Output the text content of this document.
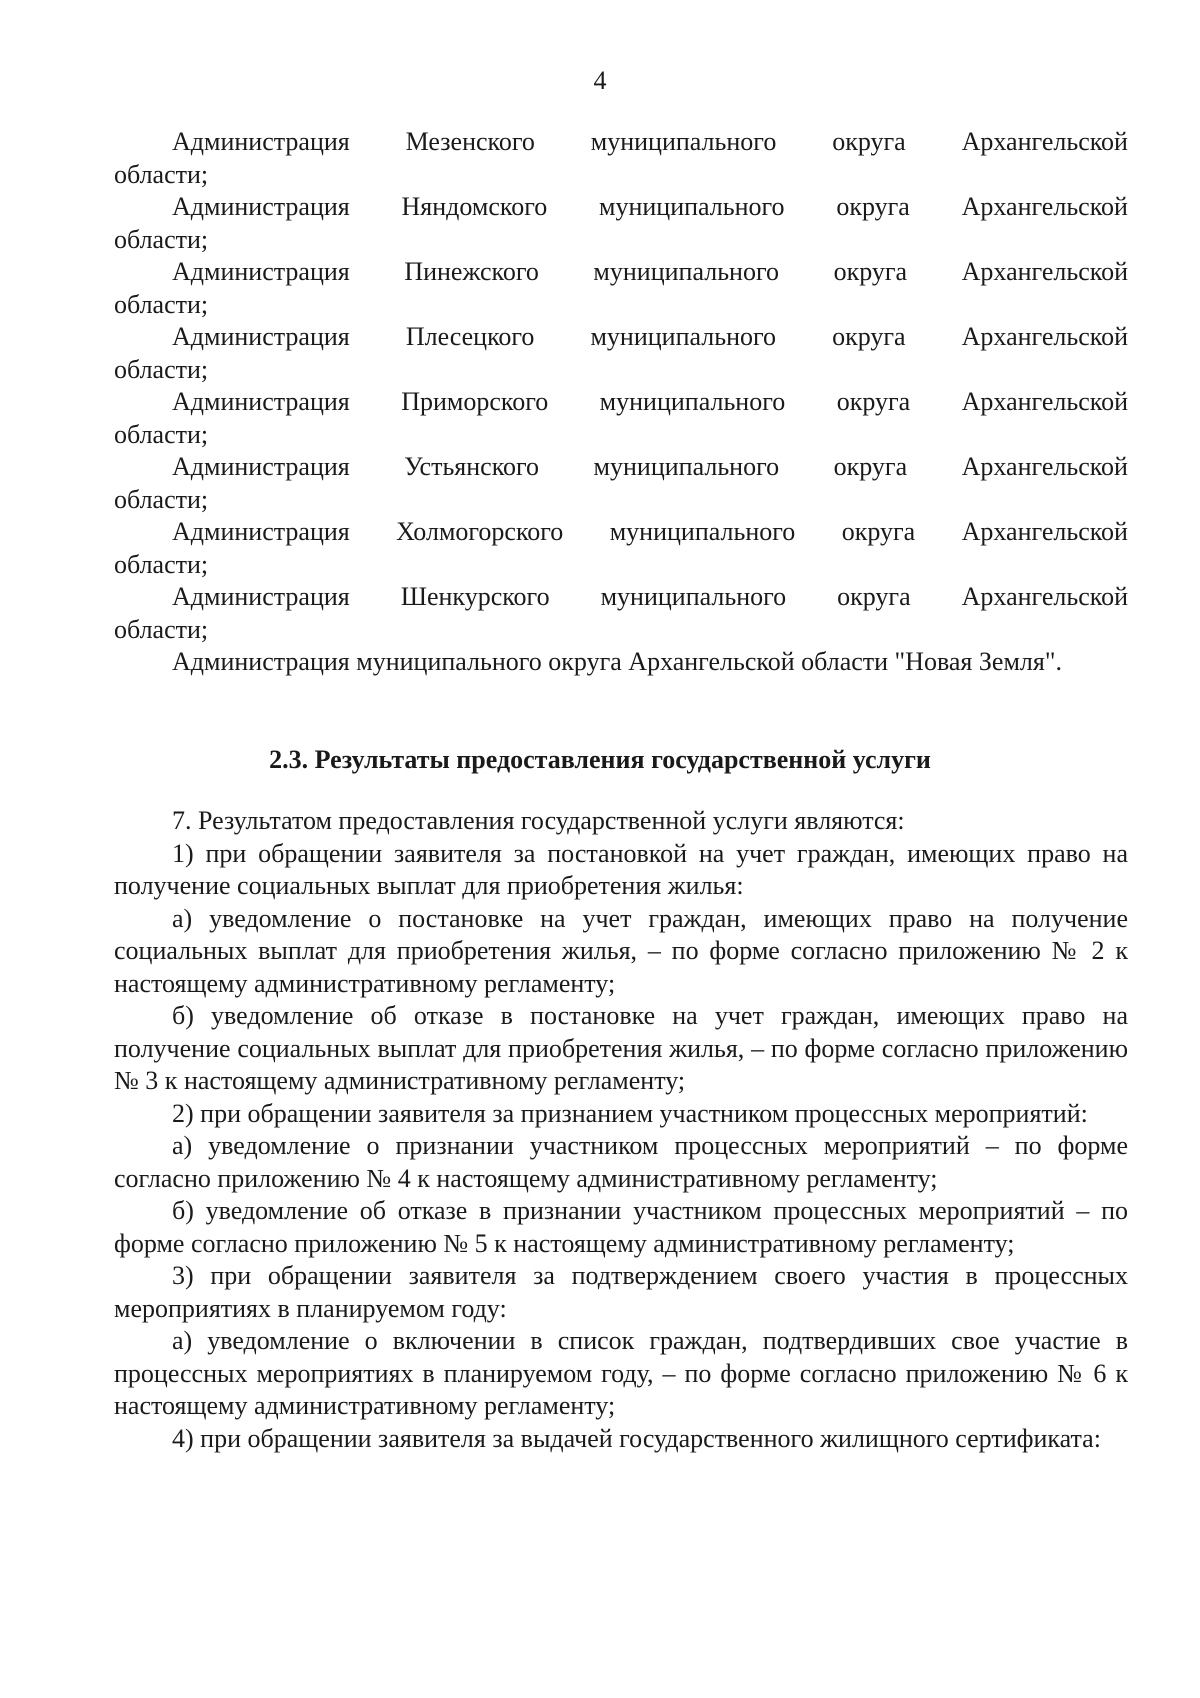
4
Администрация Мезенского муниципального округа Архангельской

области;

Администрация Няндомского муниципального округа Архангельской

области;

Администрация Пинежского муниципального округа Архангельской

области;

Администрация Плесецкого муниципального округа Архангельской

области;

Администрация Приморского муниципального округа Архангельской

области;

Администрация Устьянского муниципального округа Архангельской

области;

Администрация Холмогорского муниципального округа Архангельской

области;

Администрация Шенкурского муниципального округа Архангельской

области;

Администрация муниципального округа Архангельской области "Новая Земля".

2.3. Результаты предоставления государственной услуги

7. Результатом предоставления государственной услуги являются:

1) при обращении заявителя за постановкой на учет граждан, имеющих право на получение социальных выплат для приобретения жилья:

а) уведомление о постановке на учет граждан, имеющих право на получение социальных выплат для приобретения жилья, – по форме согласно приложению № 2 к настоящему административному регламенту;

б) уведомление об отказе в постановке на учет граждан, имеющих право на получение социальных выплат для приобретения жилья, – по форме согласно приложению № 3 к настоящему административному регламенту;

2) при обращении заявителя за признанием участником процессных мероприятий:

а) уведомление о признании участником процессных мероприятий – по форме согласно приложению № 4 к настоящему административному регламенту;

б) уведомление об отказе в признании участником процессных мероприятий – по форме согласно приложению № 5 к настоящему административному регламенту;

3) при обращении заявителя за подтверждением своего участия в процессных мероприятиях в планируемом году:

а) уведомление о включении в список граждан, подтвердивших свое участие в процессных мероприятиях в планируемом году, – по форме согласно приложению № 6 к настоящему административному регламенту;

4) при обращении заявителя за выдачей государственного жилищного сертификата:
